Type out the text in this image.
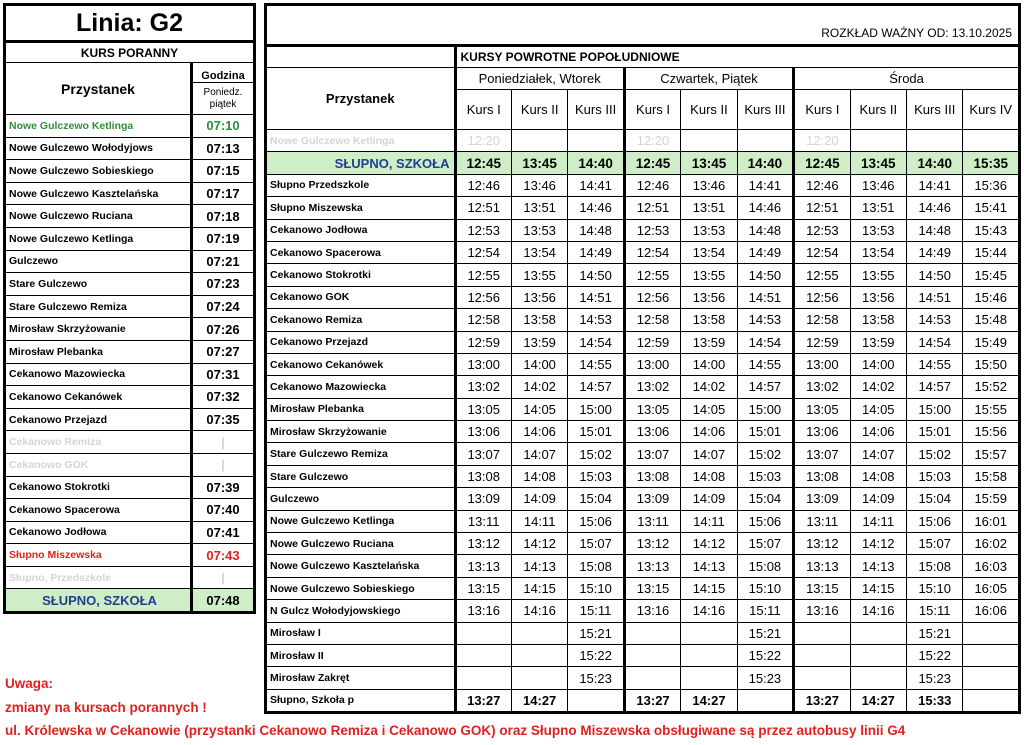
Linia: G2	
KURS PORANNY	
Przystanek	Godzina
	Poniedz.
piątek
Nowe Gulczewo Ketlinga	07:10
Nowe Gulczewo Wołodyjows	07:13
Nowe Gulczewo Sobieskiego	07:15
Nowe Gulczewo Kasztelańska	07:17
Nowe Gulczewo Ruciana	07:18
Nowe Gulczewo Ketlinga	07:19
Gulczewo	07:21
Stare Gulczewo	07:23
Stare Gulczewo Remiza	07:24
Mirosław Skrzyżowanie	07:26
Mirosław Plebanka	07:27
Cekanowo Mazowiecka	07:31
Cekanowo Cekanówek	07:32
Cekanowo Przejazd	07:35
Cekanowo Remiza	|
Cekanowo GOK	|
Cekanowo Stokrotki	07:39
Cekanowo Spacerowa	07:40
Cekanowo Jodłowa	07:41
Słupno Miszewska	07:43
Słupno, Przedszkole	|
SŁUPNO, SZKOŁA	07:48
ROZKŁAD WAŻNY OD: 13.10.2025										
	KURSY POWROTNE POPOŁUDNIOWE									
Przystanek	Poniedziałek, Wtorek			Czwartek, Piątek			Środa			
	Kurs I	Kurs II	Kurs III	Kurs I	Kurs II	Kurs III	Kurs I	Kurs II	Kurs III	Kurs IV
Nowe Gulczewo Ketlinga	12:20			12:20			12:20			
SŁUPNO, SZKOŁA	12:45	13:45	14:40	12:45	13:45	14:40	12:45	13:45	14:40	15:35
Słupno Przedszkole	12:46	13:46	14:41	12:46	13:46	14:41	12:46	13:46	14:41	15:36
Słupno Miszewska	12:51	13:51	14:46	12:51	13:51	14:46	12:51	13:51	14:46	15:41
Cekanowo Jodłowa	12:53	13:53	14:48	12:53	13:53	14:48	12:53	13:53	14:48	15:43
Cekanowo Spacerowa	12:54	13:54	14:49	12:54	13:54	14:49	12:54	13:54	14:49	15:44
Cekanowo Stokrotki	12:55	13:55	14:50	12:55	13:55	14:50	12:55	13:55	14:50	15:45
Cekanowo GOK	12:56	13:56	14:51	12:56	13:56	14:51	12:56	13:56	14:51	15:46
Cekanowo Remiza	12:58	13:58	14:53	12:58	13:58	14:53	12:58	13:58	14:53	15:48
Cekanowo Przejazd	12:59	13:59	14:54	12:59	13:59	14:54	12:59	13:59	14:54	15:49
Cekanowo Cekanówek	13:00	14:00	14:55	13:00	14:00	14:55	13:00	14:00	14:55	15:50
Cekanowo Mazowiecka	13:02	14:02	14:57	13:02	14:02	14:57	13:02	14:02	14:57	15:52
Mirosław Plebanka	13:05	14:05	15:00	13:05	14:05	15:00	13:05	14:05	15:00	15:55
Mirosław Skrzyżowanie	13:06	14:06	15:01	13:06	14:06	15:01	13:06	14:06	15:01	15:56
Stare Gulczewo Remiza	13:07	14:07	15:02	13:07	14:07	15:02	13:07	14:07	15:02	15:57
Stare Gulczewo	13:08	14:08	15:03	13:08	14:08	15:03	13:08	14:08	15:03	15:58
Gulczewo	13:09	14:09	15:04	13:09	14:09	15:04	13:09	14:09	15:04	15:59
Nowe Gulczewo Ketlinga	13:11	14:11	15:06	13:11	14:11	15:06	13:11	14:11	15:06	16:01
Nowe Gulczewo Ruciana	13:12	14:12	15:07	13:12	14:12	15:07	13:12	14:12	15:07	16:02
Nowe Gulczewo Kasztelańska	13:13	14:13	15:08	13:13	14:13	15:08	13:13	14:13	15:08	16:03
Nowe Gulczewo Sobieskiego	13:15	14:15	15:10	13:15	14:15	15:10	13:15	14:15	15:10	16:05
N Gulcz Wołodyjowskiego	13:16	14:16	15:11	13:16	14:16	15:11	13:16	14:16	15:11	16:06
Mirosław I			15:21			15:21			15:21	
Mirosław II			15:22			15:22			15:22	
Mirosław Zakręt			15:23			15:23			15:23	
Słupno, Szkoła p	13:27	14:27		13:27	14:27		13:27	14:27	15:33	
Uwaga:
zmiany na kursach porannych !
ul. Królewska w Cekanowie (przystanki Cekanowo Remiza i Cekanowo GOK) oraz Słupno Miszewska obsługiwane są przez autobusy linii G4
